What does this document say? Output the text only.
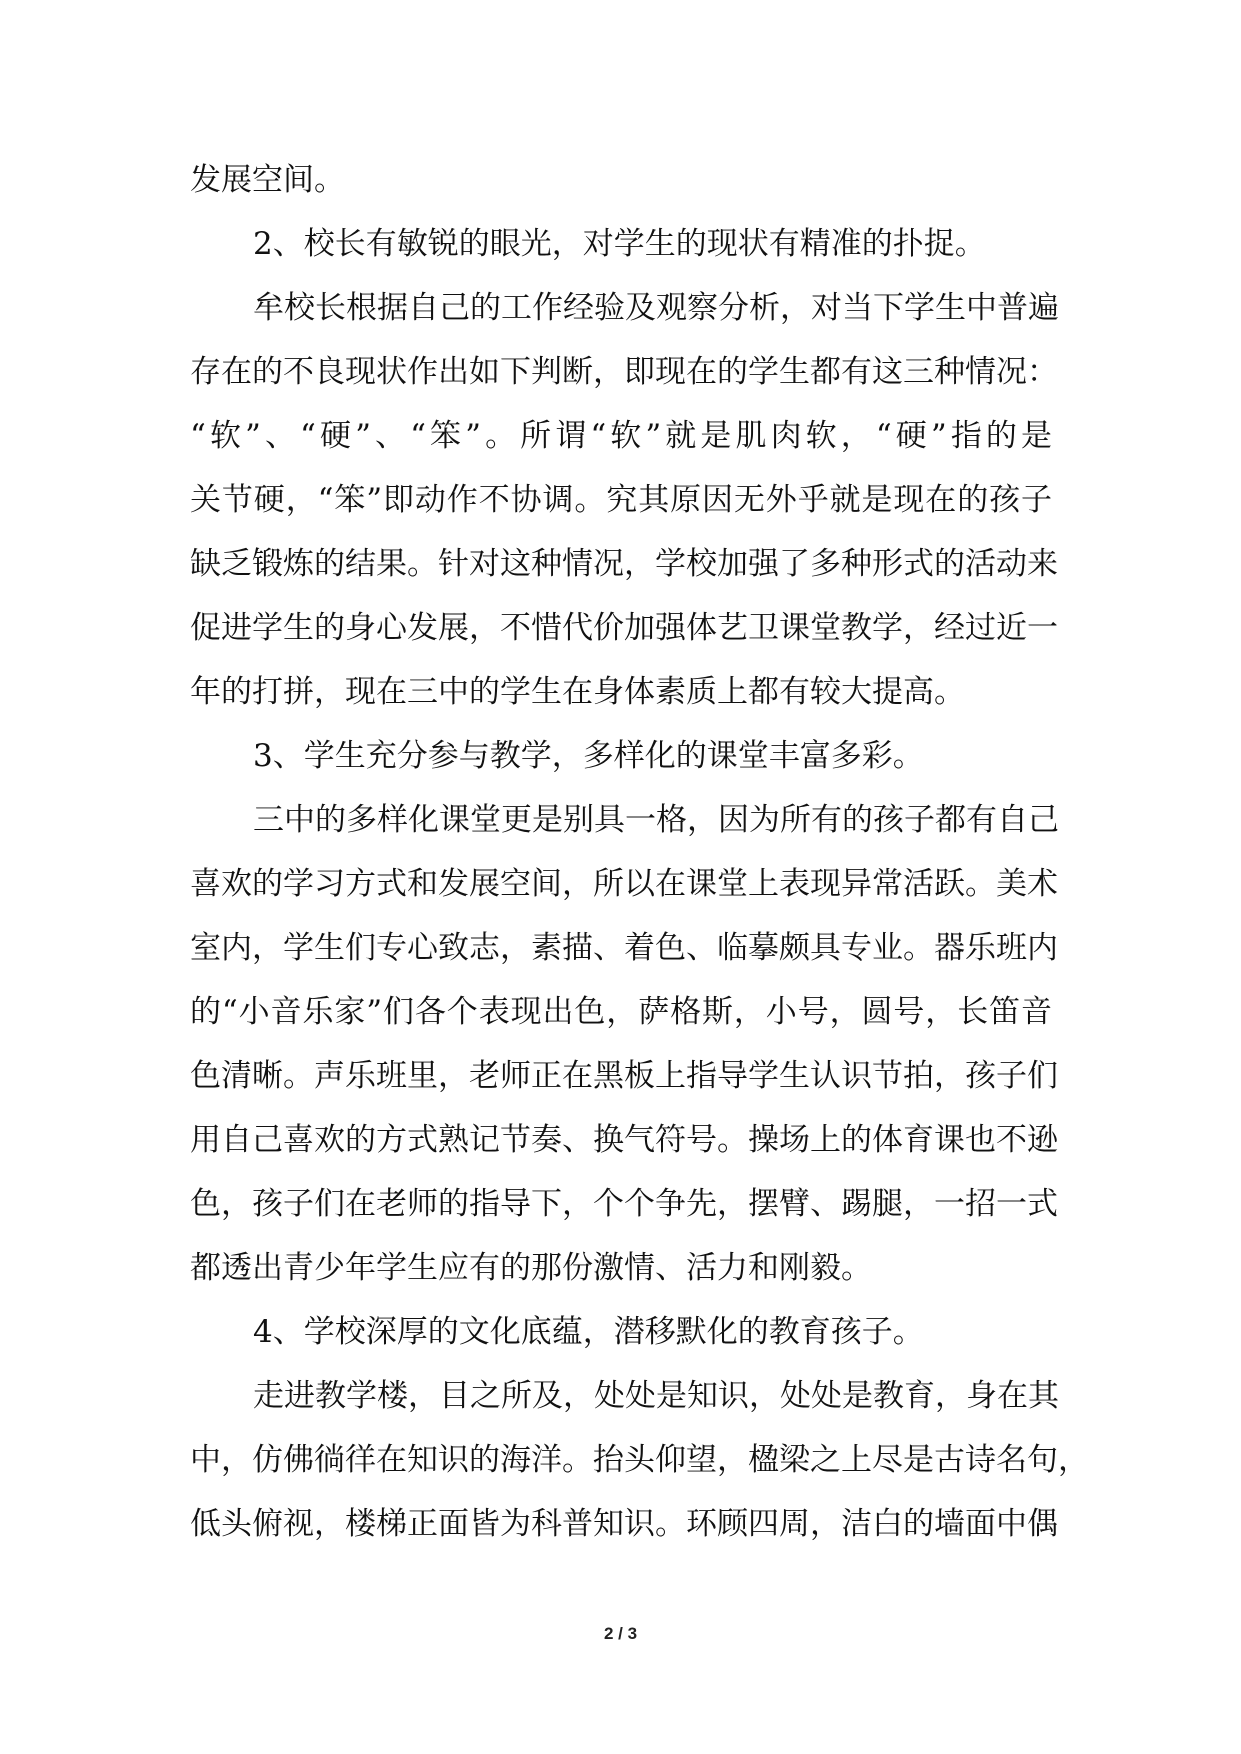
发展空间。
2、校长有敏锐的眼光，对学生的现状有精准的扑捉。
牟校长根据自己的工作经验及观察分析，对当下学生中普遍
存在的不良现状作出如下判断，即现在的学生都有这三种情况：
“软”、“硬”、“笨”。所谓“软”就是肌肉软，“硬”指的是
关节硬，“笨”即动作不协调。究其原因无外乎就是现在的孩子
缺乏锻炼的结果。针对这种情况，学校加强了多种形式的活动来
促进学生的身心发展，不惜代价加强体艺卫课堂教学，经过近一
年的打拼，现在三中的学生在身体素质上都有较大提高。
3、学生充分参与教学，多样化的课堂丰富多彩。
三中的多样化课堂更是别具一格，因为所有的孩子都有自己
喜欢的学习方式和发展空间，所以在课堂上表现异常活跃。美术
室内，学生们专心致志，素描、着色、临摹颇具专业。器乐班内
的“小音乐家”们各个表现出色，萨格斯，小号，圆号，长笛音
色清晰。声乐班里，老师正在黑板上指导学生认识节拍，孩子们
用自己喜欢的方式熟记节奏、换气符号。操场上的体育课也不逊
色，孩子们在老师的指导下，个个争先，摆臂、踢腿，一招一式
都透出青少年学生应有的那份激情、活力和刚毅。
4、学校深厚的文化底蕴，潜移默化的教育孩子。
走进教学楼，目之所及，处处是知识，处处是教育，身在其
中，仿佛徜徉在知识的海洋。抬头仰望，楹梁之上尽是古诗名句，
低头俯视，楼梯正面皆为科普知识。环顾四周，洁白的墙面中偶
2 / 3
